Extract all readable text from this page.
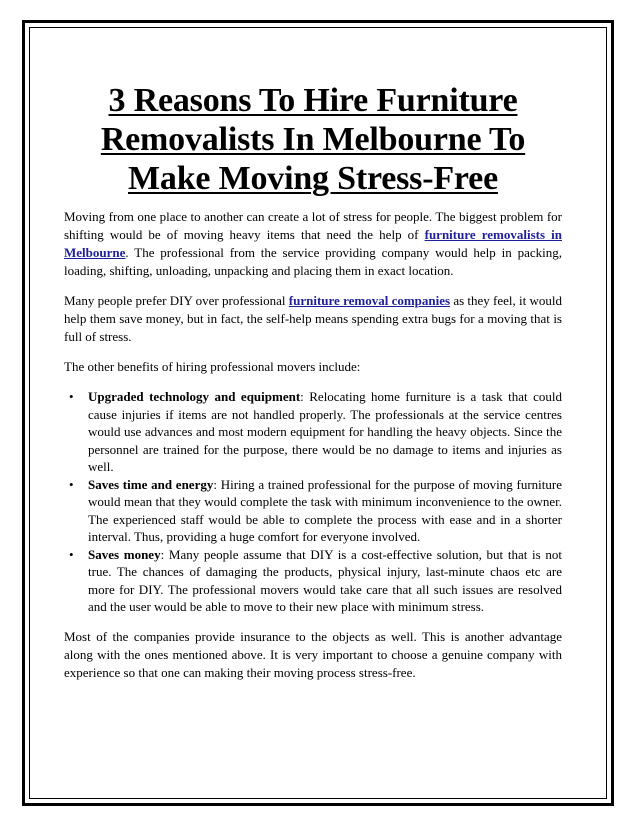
3 Reasons To Hire Furniture Removalists In Melbourne To Make Moving Stress-Free

Moving from one place to another can create a lot of stress for people. The biggest problem for shifting would be of moving heavy items that need the help of furniture removalists in Melbourne. The professional from the service providing company would help in packing, loading, shifting, unloading, unpacking and placing them in exact location.

Many people prefer DIY over professional furniture removal companies as they feel, it would help them save money, but in fact, the self-help means spending extra bugs for a moving that is full of stress.

The other benefits of hiring professional movers include:

• Upgraded technology and equipment: Relocating home furniture is a task that could cause injuries if items are not handled properly. The professionals at the service centres would use advances and most modern equipment for handling the heavy objects. Since the personnel are trained for the purpose, there would be no damage to items and injuries as well.
• Saves time and energy: Hiring a trained professional for the purpose of moving furniture would mean that they would complete the task with minimum inconvenience to the owner. The experienced staff would be able to complete the process with ease and in a shorter interval. Thus, providing a huge comfort for everyone involved.
• Saves money: Many people assume that DIY is a cost-effective solution, but that is not true. The chances of damaging the products, physical injury, last-minute chaos etc are more for DIY. The professional movers would take care that all such issues are resolved and the user would be able to move to their new place with minimum stress.

Most of the companies provide insurance to the objects as well. This is another advantage along with the ones mentioned above. It is very important to choose a genuine company with experience so that one can making their moving process stress-free.
